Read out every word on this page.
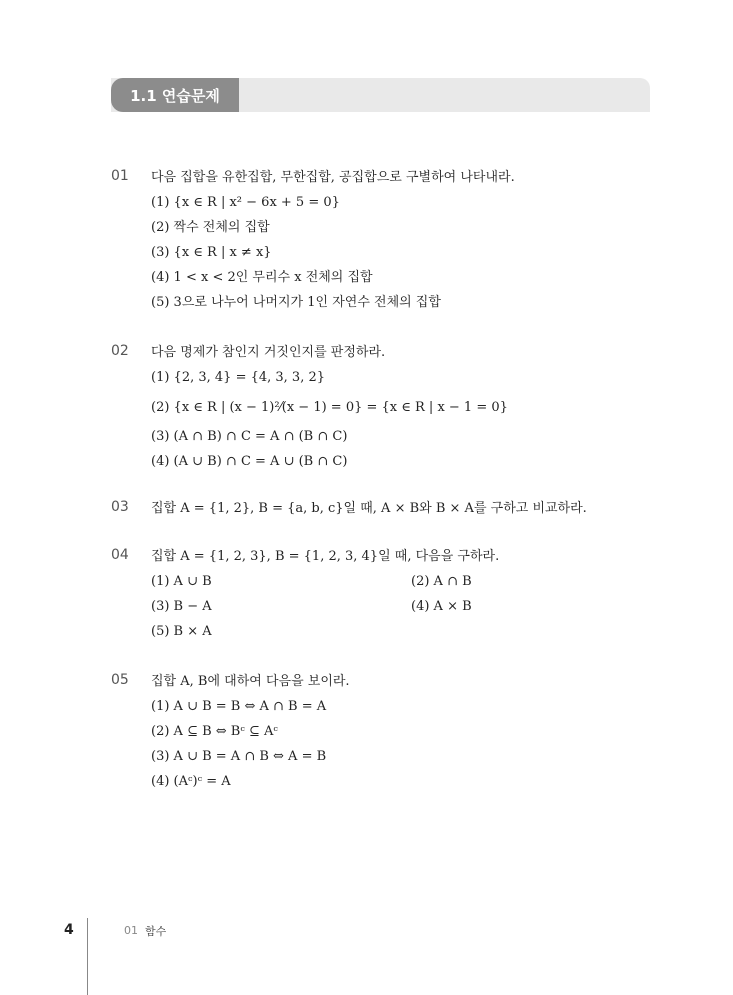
1.1 연습문제
01	다음 집합을 유한집합, 무한집합, 공집합으로 구별하여 나타내라.
(1) {x ∈ R | x² − 6x + 5 = 0}
(2) 짝수 전체의 집합
(3) {x ∈ R | x ≠ x}
(4) 1 < x < 2인 무리수 x 전체의 집합
(5) 3으로 나누어 나머지가 1인 자연수 전체의 집합
02	다음 명제가 참인지 거짓인지를 판정하라.
(1) {2, 3, 4} = {4, 3, 3, 2}
(2) {x ∈ R | (x − 1)²⁄(x − 1) = 0} = {x ∈ R | x − 1 = 0}
(3) (A ∩ B) ∩ C = A ∩ (B ∩ C)
(4) (A ∪ B) ∩ C = A ∪ (B ∩ C)
03	집합 A = {1, 2}, B = {a, b, c}일 때, A × B와 B × A를 구하고 비교하라.
04	집합 A = {1, 2, 3}, B = {1, 2, 3, 4}일 때, 다음을 구하라.
(1) A ∪ B	(2) A ∩ B
(3) B − A	(4) A × B
(5) B × A
05	집합 A, B에 대하여 다음을 보이라.
(1) A ∪ B = B ⇔ A ∩ B = A
(2) A ⊆ B ⇔ Bᶜ ⊆ Aᶜ
(3) A ∪ B = A ∩ B ⇔ A = B
(4) (Aᶜ)ᶜ = A
4	01 함수
